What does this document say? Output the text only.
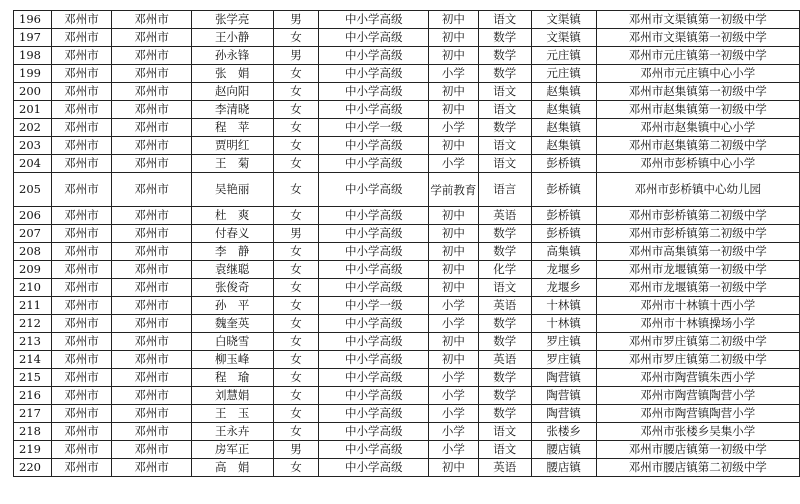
196	邓州市	邓州市	张学亮	男	中小学高级	初中	语文	文渠镇	邓州市文渠镇第一初级中学
197	邓州市	邓州市	王小静	女	中小学高级	初中	数学	文渠镇	邓州市文渠镇第一初级中学
198	邓州市	邓州市	孙永锋	男	中小学高级	初中	数学	元庄镇	邓州市元庄镇第一初级中学
199	邓州市	邓州市	张　娟	女	中小学高级	小学	数学	元庄镇	邓州市元庄镇中心小学
200	邓州市	邓州市	赵向阳	女	中小学高级	初中	语文	赵集镇	邓州市赵集镇第一初级中学
201	邓州市	邓州市	李清晓	女	中小学高级	初中	语文	赵集镇	邓州市赵集镇第一初级中学
202	邓州市	邓州市	程　苹	女	中小学一级	小学	数学	赵集镇	邓州市赵集镇中心小学
203	邓州市	邓州市	贾明红	女	中小学高级	初中	语文	赵集镇	邓州市赵集镇第二初级中学
204	邓州市	邓州市	王　菊	女	中小学高级	小学	语文	彭桥镇	邓州市彭桥镇中心小学
205	邓州市	邓州市	吴艳丽	女	中小学高级	学前教育	语言	彭桥镇	邓州市彭桥镇中心幼儿园
206	邓州市	邓州市	杜　爽	女	中小学高级	初中	英语	彭桥镇	邓州市彭桥镇第二初级中学
207	邓州市	邓州市	付春义	男	中小学高级	初中	数学	彭桥镇	邓州市彭桥镇第二初级中学
208	邓州市	邓州市	李　静	女	中小学高级	初中	数学	高集镇	邓州市高集镇第一初级中学
209	邓州市	邓州市	袁继聪	女	中小学高级	初中	化学	龙堰乡	邓州市龙堰镇第一初级中学
210	邓州市	邓州市	张俊奇	女	中小学高级	初中	语文	龙堰乡	邓州市龙堰镇第一初级中学
211	邓州市	邓州市	孙　平	女	中小学一级	小学	英语	十林镇	邓州市十林镇十西小学
212	邓州市	邓州市	魏奎英	女	中小学高级	小学	数学	十林镇	邓州市十林镇操场小学
213	邓州市	邓州市	白晓雪	女	中小学高级	初中	数学	罗庄镇	邓州市罗庄镇第二初级中学
214	邓州市	邓州市	柳玉峰	女	中小学高级	初中	英语	罗庄镇	邓州市罗庄镇第二初级中学
215	邓州市	邓州市	程　瑜	女	中小学高级	小学	数学	陶营镇	邓州市陶营镇朱西小学
216	邓州市	邓州市	刘慧娟	女	中小学高级	小学	数学	陶营镇	邓州市陶营镇陶营小学
217	邓州市	邓州市	王　玉	女	中小学高级	小学	数学	陶营镇	邓州市陶营镇陶营小学
218	邓州市	邓州市	王永卉	女	中小学高级	小学	语文	张楼乡	邓州市张楼乡吴集小学
219	邓州市	邓州市	房军正	男	中小学高级	小学	语文	腰店镇	邓州市腰店镇第一初级中学
220	邓州市	邓州市	高　娟	女	中小学高级	初中	英语	腰店镇	邓州市腰店镇第二初级中学
